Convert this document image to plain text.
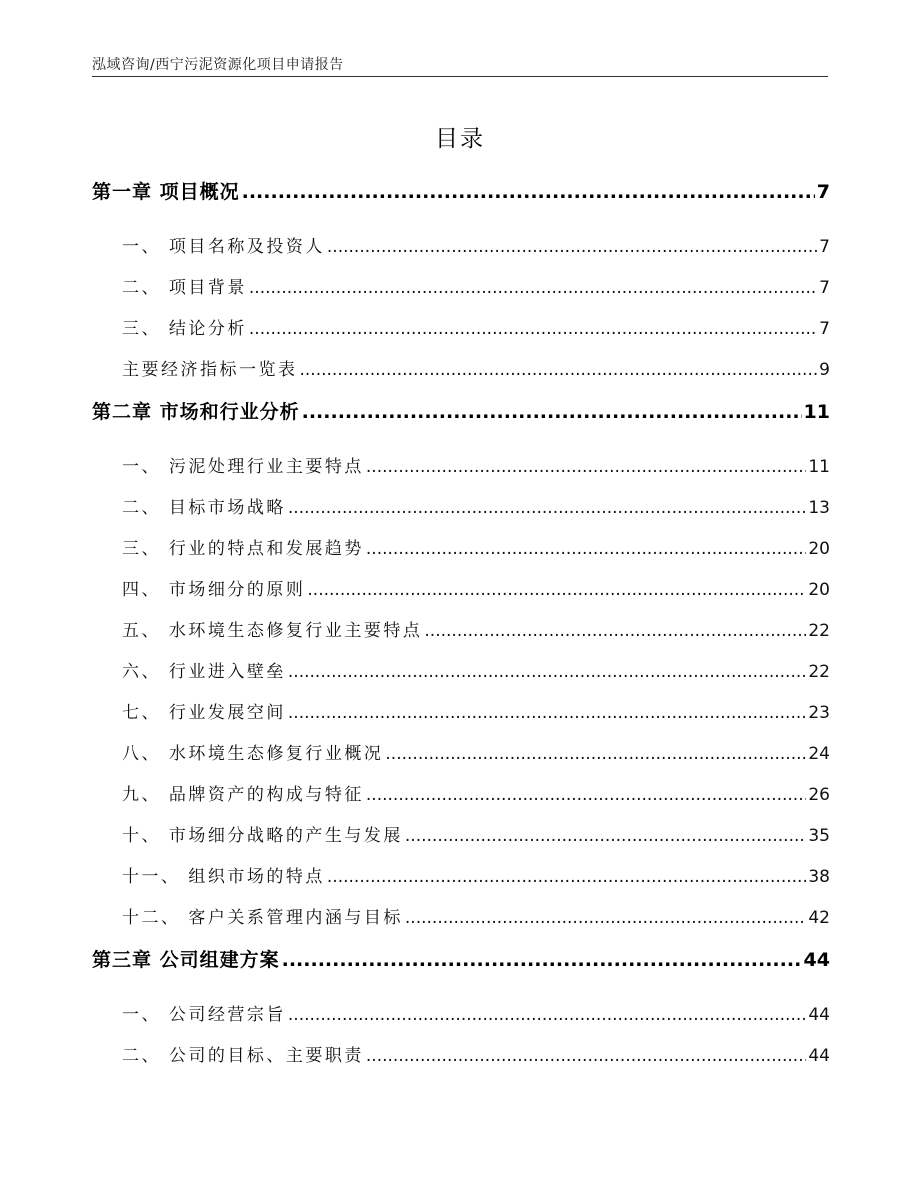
泓域咨询/西宁污泥资源化项目申请报告
目录
第一章 项目概况 .....	7
一、 项目名称及投资人 .....	7
二、 项目背景 .....	7
三、 结论分析 .....	7
主要经济指标一览表 .....	9
第二章 市场和行业分析 .....	11
一、 污泥处理行业主要特点 .....	11
二、 目标市场战略 .....	13
三、 行业的特点和发展趋势 .....	20
四、 市场细分的原则 .....	20
五、 水环境生态修复行业主要特点 .....	22
六、 行业进入壁垒 .....	22
七、 行业发展空间 .....	23
八、 水环境生态修复行业概况 .....	24
九、 品牌资产的构成与特征 .....	26
十、 市场细分战略的产生与发展 .....	35
十一、 组织市场的特点 .....	38
十二、 客户关系管理内涵与目标 .....	42
第三章 公司组建方案 .....	44
一、 公司经营宗旨 .....	44
二、 公司的目标、主要职责 .....	44
